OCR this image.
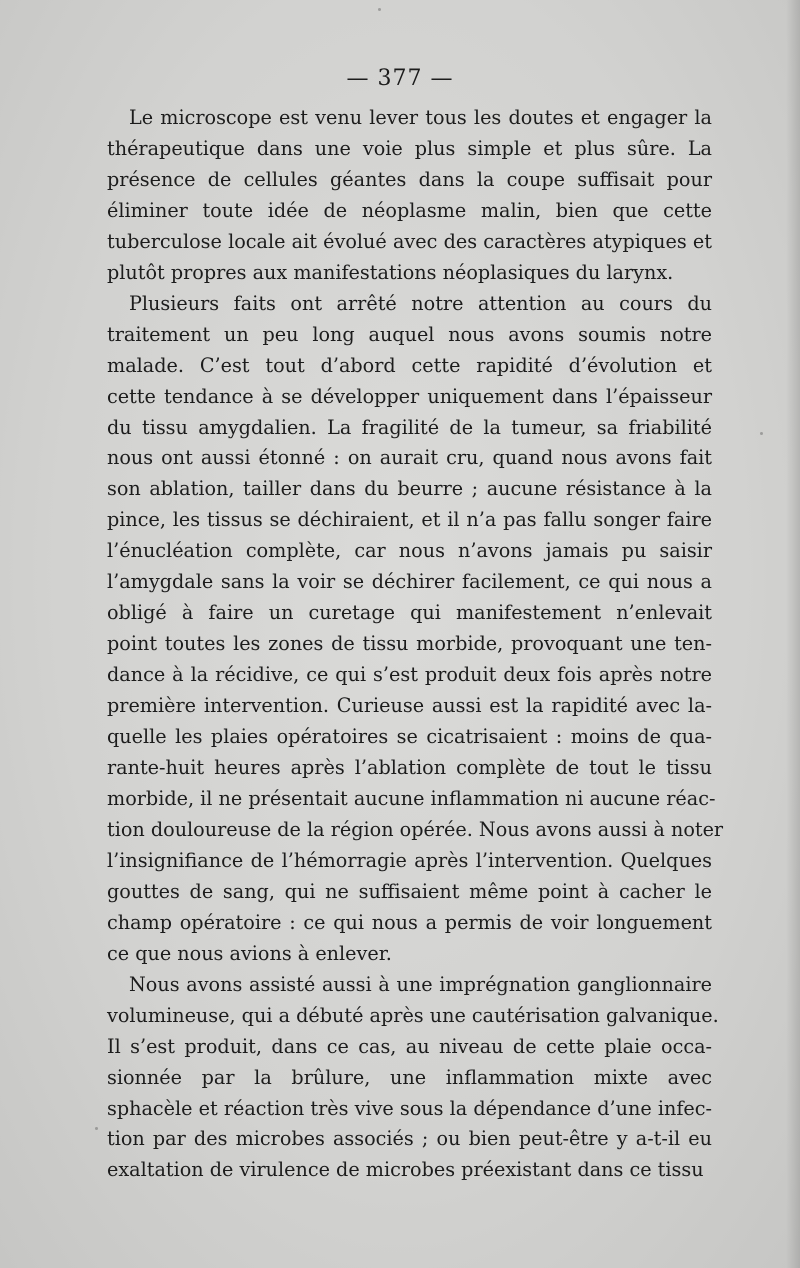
— 377 —

Le microscope est venu lever tous les doutes et engager la
thérapeutique dans une voie plus simple et plus sûre. La
présence de cellules géantes dans la coupe suffisait pour
éliminer toute idée de néoplasme malin, bien que cette
tuberculose locale ait évolué avec des caractères atypiques et
plutôt propres aux manifestations néoplasiques du larynx.

Plusieurs faits ont arrêté notre attention au cours du
traitement un peu long auquel nous avons soumis notre
malade. C’est tout d’abord cette rapidité d’évolution et
cette tendance à se développer uniquement dans l’épaisseur
du tissu amygdalien. La fragilité de la tumeur, sa friabilité
nous ont aussi étonné : on aurait cru, quand nous avons fait
son ablation, tailler dans du beurre ; aucune résistance à la
pince, les tissus se déchiraient, et il n’a pas fallu songer faire
l’énucléation complète, car nous n’avons jamais pu saisir
l’amygdale sans la voir se déchirer facilement, ce qui nous a
obligé à faire un curetage qui manifestement n’enlevait
point toutes les zones de tissu morbide, provoquant une ten-
dance à la récidive, ce qui s’est produit deux fois après notre
première intervention. Curieuse aussi est la rapidité avec la-
quelle les plaies opératoires se cicatrisaient : moins de qua-
rante-huit heures après l’ablation complète de tout le tissu
morbide, il ne présentait aucune inflammation ni aucune réac-
tion douloureuse de la région opérée. Nous avons aussi à noter
l’insignifiance de l’hémorragie après l’intervention. Quelques
gouttes de sang, qui ne suffisaient même point à cacher le
champ opératoire : ce qui nous a permis de voir longuement
ce que nous avions à enlever.

Nous avons assisté aussi à une imprégnation ganglionnaire
volumineuse, qui a débuté après une cautérisation galvanique.
Il s’est produit, dans ce cas, au niveau de cette plaie occa-
sionnée par la brûlure, une inflammation mixte avec
sphacèle et réaction très vive sous la dépendance d’une infec-
tion par des microbes associés ; ou bien peut-être y a-t-il eu
exaltation de virulence de microbes préexistant dans ce tissu
